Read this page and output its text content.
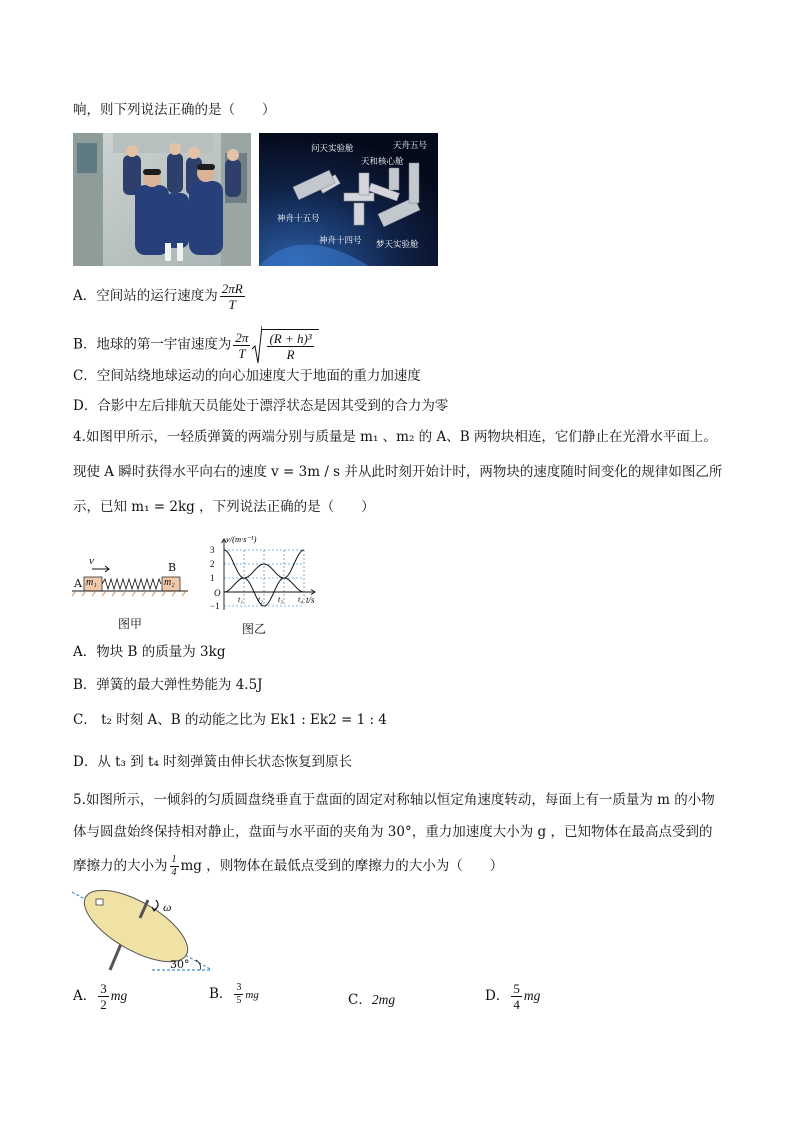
响，则下列说法正确的是（　　）
问天实验舱	天舟五号
天和核心舱
神舟十五号
神舟十四号 梦天实验舱
A．空间站的运行速度为 $\frac{2\pi R}{T}$
B．地球的第一宇宙速度为 $\frac{2\pi}{T} \frac{\text{(R + h)³}}{R}$
C．空间站绕地球运动的向心加速度大于地面的重力加速度
D．合影中左后排航天员能处于漂浮状态是因其受到的合力为零
4.如图甲所示，一轻质弹簧的两端分别与质量是 m₁ 、m₂ 的 A、B 两物块相连，它们静止在光滑水平面上。
现使 A 瞬时获得水平向右的速度 v = 3m / s 并从此时刻开始计时，两物块的速度随时间变化的规律如图乙所
示，已知 m₁ = 2kg ，下列说法正确的是（　　）
v
A
B
m₁	m₂
图甲
3
2
1
−1
O
t₁ t₂ t₃ t₄
v/(m·s⁻¹)
t/s
图乙
A．物块 B 的质量为 3kg
B．弹簧的最大弹性势能为 4.5J
C． t₂ 时刻 A、B 的动能之比为 Ek1 : Ek2 = 1 : 4
D．从 t₃ 到 t₄ 时刻弹簧由伸长状态恢复到原长
5.如图所示，一倾斜的匀质圆盘绕垂直于盘面的固定对称轴以恒定角速度转动，每面上有一质量为 m 的小物
体与圆盘始终保持相对静止，盘面与水平面的夹角为 30°，重力加速度大小为 g ，已知物体在最高点受到的
摩擦力的大小为 $\frac{1}{4}$ mg ，则物体在最低点受到的摩擦力的大小为（　　）
ω
30°
A． $\frac{3}{2}$ mg	B． $\frac{3}{5}$ mg	C．2mg	D． $\frac{5}{4}$ mg
